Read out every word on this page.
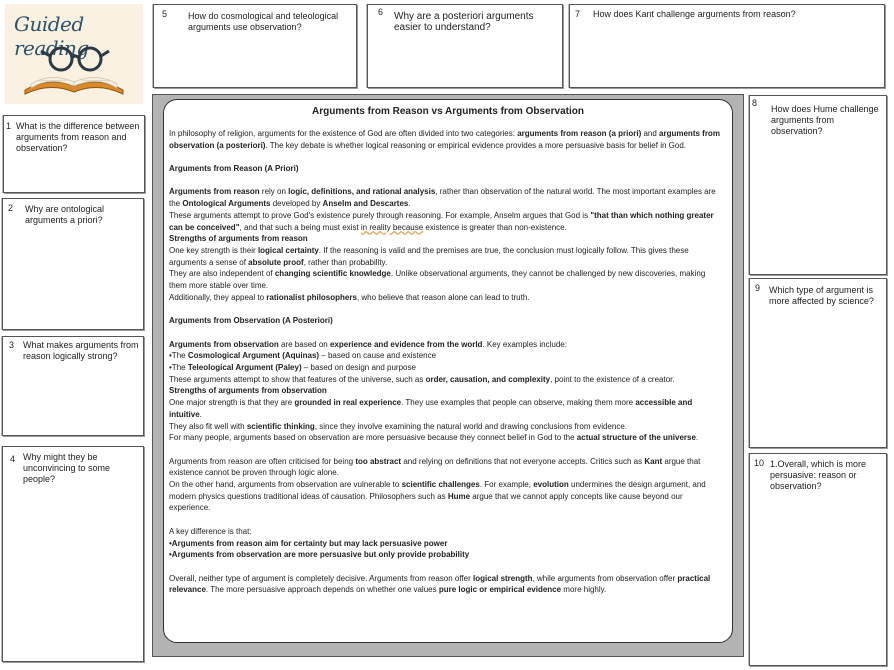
Guided reading
5 How do cosmological and teleological arguments use observation?
6 Why are a posteriori arguments easier to understand?
7 How does Kant challenge arguments from reason?
1 What is the difference between arguments from reason and observation?
2 Why are ontological arguments a priori?
3 What makes arguments from reason logically strong?
4 Why might they be unconvincing to some people?
8
How does Hume challenge arguments from observation?
9 Which type of argument is more affected by science?
10 1.Overall, which is more persuasive: reason or observation?
Arguments from Reason vs Arguments from Observation

In philosophy of religion, arguments for the existence of God are often divided into two categories: arguments from reason (a priori) and arguments from observation (a posteriori). The key debate is whether logical reasoning or empirical evidence provides a more persuasive basis for belief in God.

Arguments from Reason (A Priori)

Arguments from reason rely on logic, definitions, and rational analysis, rather than observation of the natural world. The most important examples are the Ontological Arguments developed by Anselm and Descartes.

These arguments attempt to prove God's existence purely through reasoning. For example, Anselm argues that God is "that than which nothing greater can be conceived", and that such a being must exist in reality because existence is greater than non-existence.

Strengths of arguments from reason

One key strength is their logical certainty. If the reasoning is valid and the premises are true, the conclusion must logically follow. This gives these arguments a sense of absolute proof, rather than probability.

They are also independent of changing scientific knowledge. Unlike observational arguments, they cannot be challenged by new discoveries, making them more stable over time.

Additionally, they appeal to rationalist philosophers, who believe that reason alone can lead to truth.

Arguments from Observation (A Posteriori)

Arguments from observation are based on experience and evidence from the world. Key examples include:

•The Cosmological Argument (Aquinas) – based on cause and existence

•The Teleological Argument (Paley) – based on design and purpose

These arguments attempt to show that features of the universe, such as order, causation, and complexity, point to the existence of a creator.

Strengths of arguments from observation

One major strength is that they are grounded in real experience. They use examples that people can observe, making them more accessible and intuitive.

They also fit well with scientific thinking, since they involve examining the natural world and drawing conclusions from evidence.

For many people, arguments based on observation are more persuasive because they connect belief in God to the actual structure of the universe.

Arguments from reason are often criticised for being too abstract and relying on definitions that not everyone accepts. Critics such as Kant argue that existence cannot be proven through logic alone.

On the other hand, arguments from observation are vulnerable to scientific challenges. For example, evolution undermines the design argument, and modern physics questions traditional ideas of causation. Philosophers such as Hume argue that we cannot apply concepts like cause beyond our experience.

A key difference is that:

•Arguments from reason aim for certainty but may lack persuasive power

•Arguments from observation are more persuasive but only provide probability

Overall, neither type of argument is completely decisive. Arguments from reason offer logical strength, while arguments from observation offer practical relevance. The more persuasive approach depends on whether one values pure logic or empirical evidence more highly.
